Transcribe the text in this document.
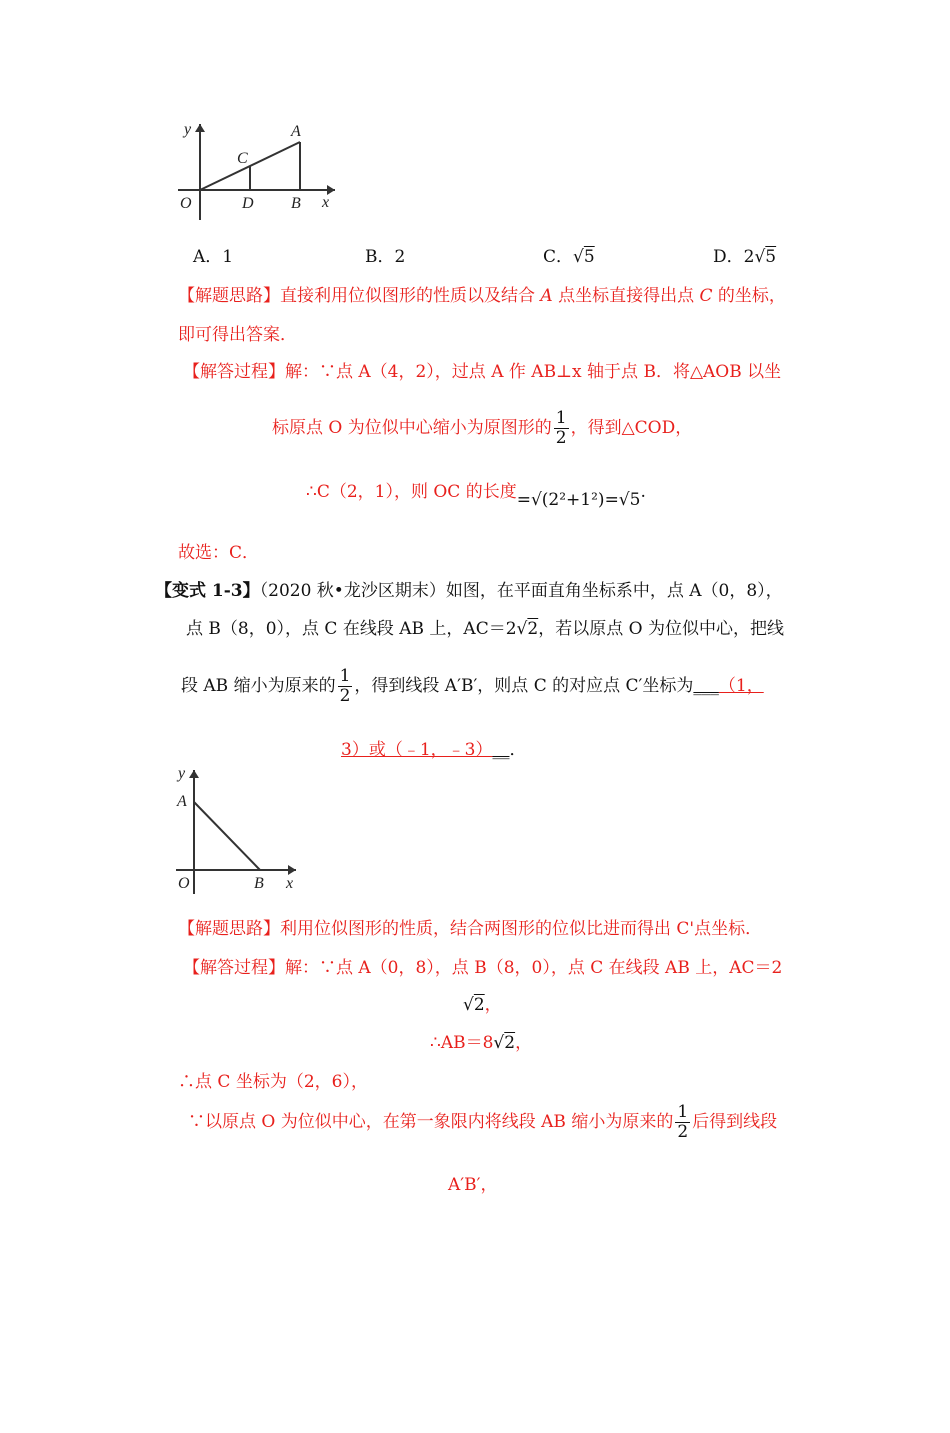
y
x
O
A
B
C
D
A．1	B．2	C．√5	D．2√5
【解题思路】直接利用位似图形的性质以及结合 A 点坐标直接得出点 C 的坐标，
即可得出答案．
【解答过程】解：∵点 A（4，2），过点 A 作 AB⊥x 轴于点 B．将△AOB 以坐
标原点 O 为位似中心缩小为原图形的 $\frac{1}{2}$ ，得到△COD，
∴C（2，1），则 OC 的长度=√(2²+1²)=√5.
故选：C．
【变式 1-3】（2020 秋•龙沙区期末）如图，在平面直角坐标系中，点 A（0，8），
点 B（8，0），点 C 在线段 AB 上，AC＝2√2，若以原点 O 为位似中心，把线
段 AB 缩小为原来的 $\frac{1}{2}$ ，得到线段 A′B′，则点 C 的对应点 C′坐标为___（1，
3）或（﹣1，﹣3）__．
y
x
O
A
B
【解题思路】利用位似图形的性质，结合两图形的位似比进而得出 C'点坐标．
【解答过程】解：∵点 A（0，8），点 B（8，0），点 C 在线段 AB 上，AC＝2
√2，
∴AB＝8√2，
∴点 C 坐标为（2，6），
∵以原点 O 为位似中心，在第一象限内将线段 AB 缩小为原来的 $\frac{1}{2}$ 后得到线段
A′B′，
